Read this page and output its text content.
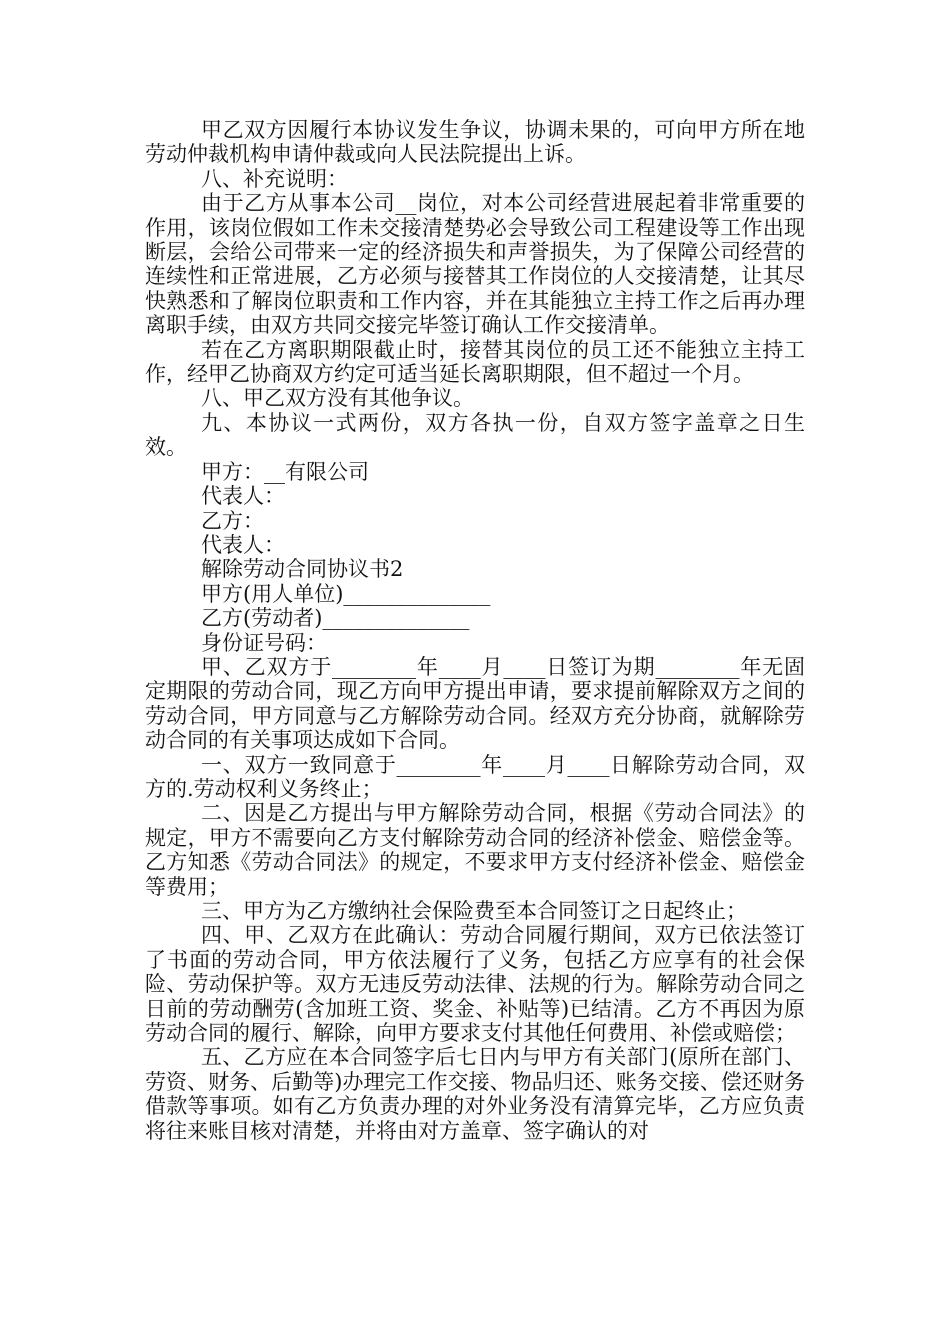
甲乙双方因履行本协议发生争议，协调未果的，可向甲方所在地劳动仲裁机构申请仲裁或向人民法院提出上诉。

八、补充说明：

由于乙方从事本公司__岗位，对本公司经营进展起着非常重要的作用，该岗位假如工作未交接清楚势必会导致公司工程建设等工作出现断层，会给公司带来一定的经济损失和声誉损失，为了保障公司经营的连续性和正常进展，乙方必须与接替其工作岗位的人交接清楚，让其尽快熟悉和了解岗位职责和工作内容，并在其能独立主持工作之后再办理离职手续，由双方共同交接完毕签订确认工作交接清单。

若在乙方离职期限截止时，接替其岗位的员工还不能独立主持工作，经甲乙协商双方约定可适当延长离职期限，但不超过一个月。

八、甲乙双方没有其他争议。

九、本协议一式两份，双方各执一份，自双方签字盖章之日生效。

甲方：__有限公司

代表人：

乙方：

代表人：

解除劳动合同协议书2

甲方(用人单位)______________

乙方(劳动者)______________

身份证号码：

甲、乙双方于________年____月____日签订为期________年无固定期限的劳动合同，现乙方向甲方提出申请，要求提前解除双方之间的劳动合同，甲方同意与乙方解除劳动合同。经双方充分协商，就解除劳动合同的有关事项达成如下合同。

一、双方一致同意于________年____月____日解除劳动合同，双方的.劳动权利义务终止；

二、因是乙方提出与甲方解除劳动合同，根据《劳动合同法》的规定，甲方不需要向乙方支付解除劳动合同的经济补偿金、赔偿金等。乙方知悉《劳动合同法》的规定，不要求甲方支付经济补偿金、赔偿金等费用；

三、甲方为乙方缴纳社会保险费至本合同签订之日起终止；

四、甲、乙双方在此确认：劳动合同履行期间，双方已依法签订了书面的劳动合同，甲方依法履行了义务，包括乙方应享有的社会保险、劳动保护等。双方无违反劳动法律、法规的行为。解除劳动合同之日前的劳动酬劳(含加班工资、奖金、补贴等)已结清。乙方不再因为原劳动合同的履行、解除，向甲方要求支付其他任何费用、补偿或赔偿；

五、乙方应在本合同签字后七日内与甲方有关部门(原所在部门、劳资、财务、后勤等)办理完工作交接、物品归还、账务交接、偿还财务借款等事项。如有乙方负责办理的对外业务没有清算完毕，乙方应负责将往来账目核对清楚，并将由对方盖章、签字确认的对
